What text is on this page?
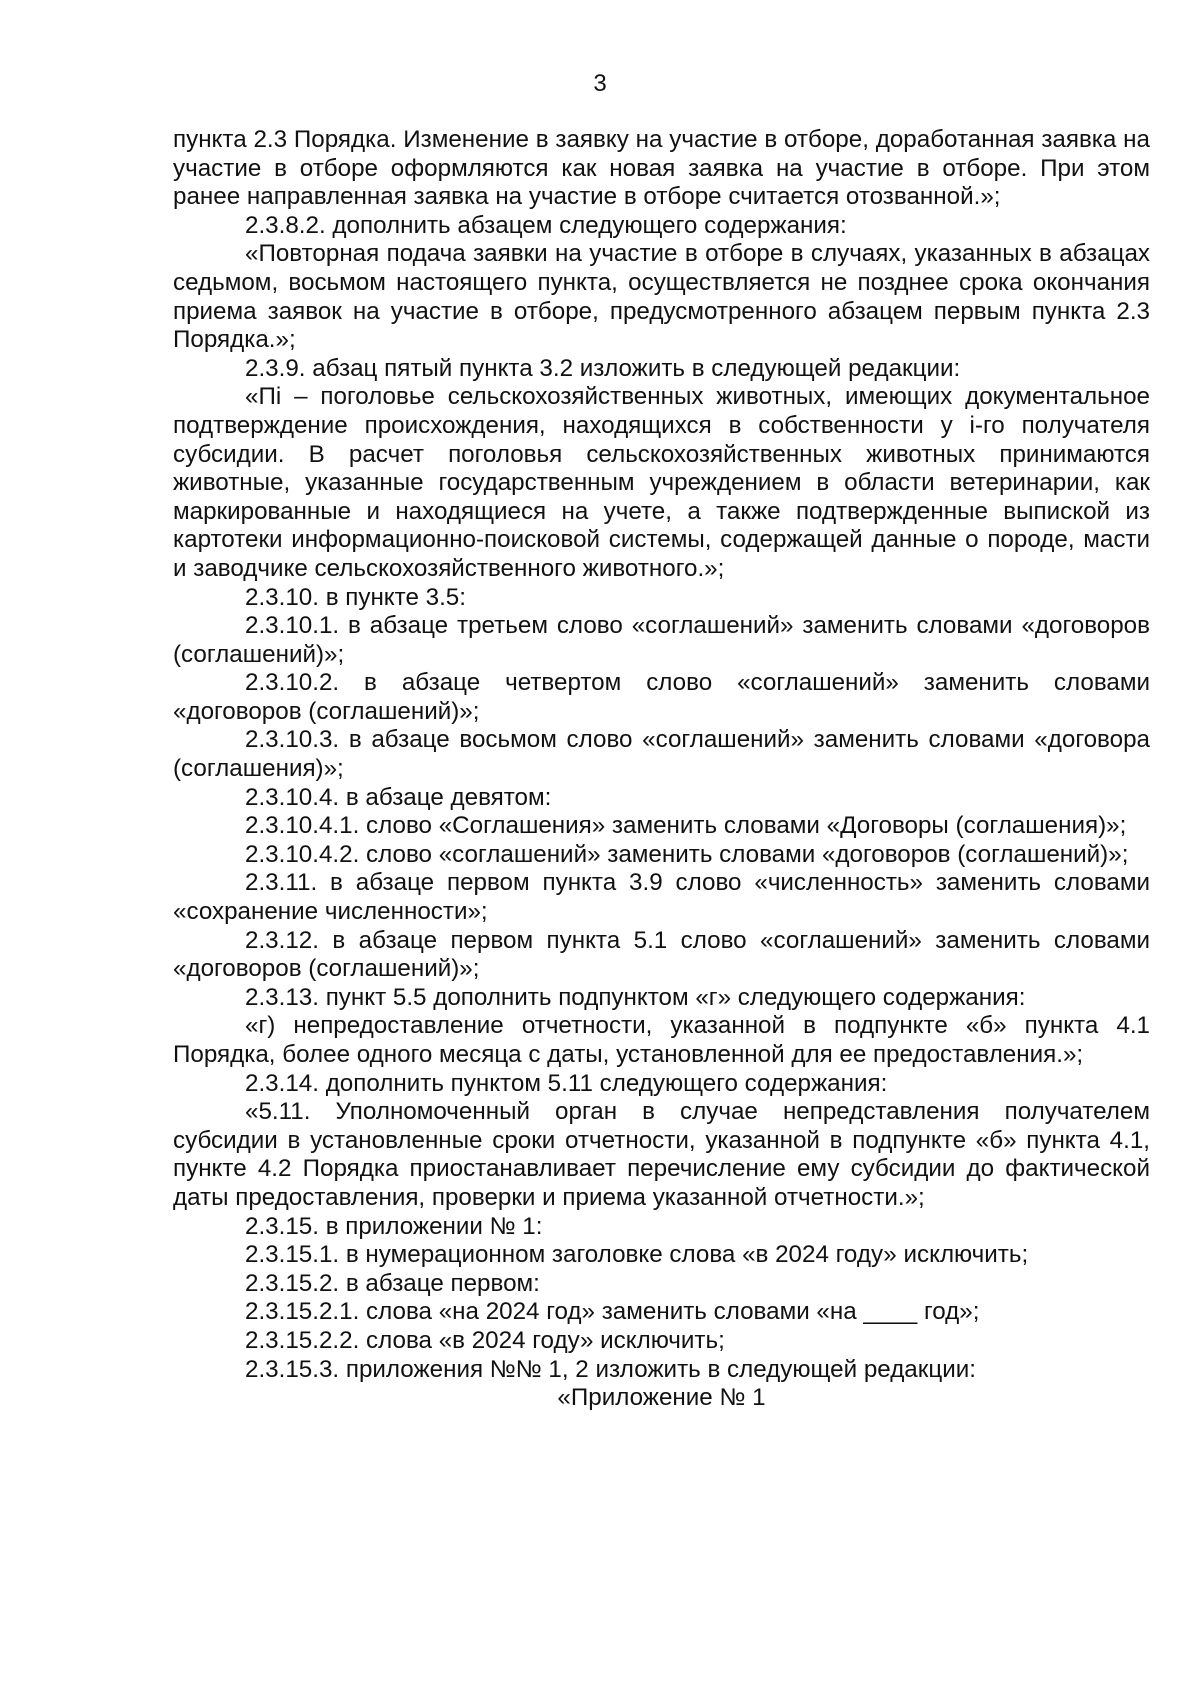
3

пункта 2.3 Порядка. Изменение в заявку на участие в отборе, доработанная заявка на участие в отборе оформляются как новая заявка на участие в отборе. При этом ранее направленная заявка на участие в отборе считается отозванной.»;

2.3.8.2. дополнить абзацем следующего содержания:

«Повторная подача заявки на участие в отборе в случаях, указанных в абзацах седьмом, восьмом настоящего пункта, осуществляется не позднее срока окончания приема заявок на участие в отборе, предусмотренного абзацем первым пункта 2.3 Порядка.»;

2.3.9. абзац пятый пункта 3.2 изложить в следующей редакции:

«Пi – поголовье сельскохозяйственных животных, имеющих документальное подтверждение происхождения, находящихся в собственности у i-го получателя субсидии. В расчет поголовья сельскохозяйственных животных принимаются животные, указанные государственным учреждением в области ветеринарии, как маркированные и находящиеся на учете, а также подтвержденные выпиской из картотеки информационно-поисковой системы, содержащей данные о породе, масти и заводчике сельскохозяйственного животного.»;

2.3.10. в пункте 3.5:

2.3.10.1. в абзаце третьем слово «соглашений» заменить словами «договоров (соглашений)»;

2.3.10.2. в абзаце четвертом слово «соглашений» заменить словами «договоров (соглашений)»;

2.3.10.3. в абзаце восьмом слово «соглашений» заменить словами «договора (соглашения)»;

2.3.10.4. в абзаце девятом:

2.3.10.4.1. слово «Соглашения» заменить словами «Договоры (соглашения)»;

2.3.10.4.2. слово «соглашений» заменить словами «договоров (соглашений)»;

2.3.11. в абзаце первом пункта 3.9 слово «численность» заменить словами «сохранение численности»;

2.3.12. в абзаце первом пункта 5.1 слово «соглашений» заменить словами «договоров (соглашений)»;

2.3.13. пункт 5.5 дополнить подпунктом «г» следующего содержания:

«г) непредоставление отчетности, указанной в подпункте «б» пункта 4.1 Порядка, более одного месяца с даты, установленной для ее предоставления.»;

2.3.14. дополнить пунктом 5.11 следующего содержания:

«5.11. Уполномоченный орган в случае непредставления получателем субсидии в установленные сроки отчетности, указанной в подпункте «б» пункта 4.1, пункте 4.2 Порядка приостанавливает перечисление ему субсидии до фактической даты предоставления, проверки и приема указанной отчетности.»;

2.3.15. в приложении № 1:

2.3.15.1. в нумерационном заголовке слова «в 2024 году» исключить;

2.3.15.2. в абзаце первом:

2.3.15.2.1. слова «на 2024 год» заменить словами «на ____ год»;

2.3.15.2.2. слова «в 2024 году» исключить;

2.3.15.3. приложения №№ 1, 2 изложить в следующей редакции:

«Приложение № 1
